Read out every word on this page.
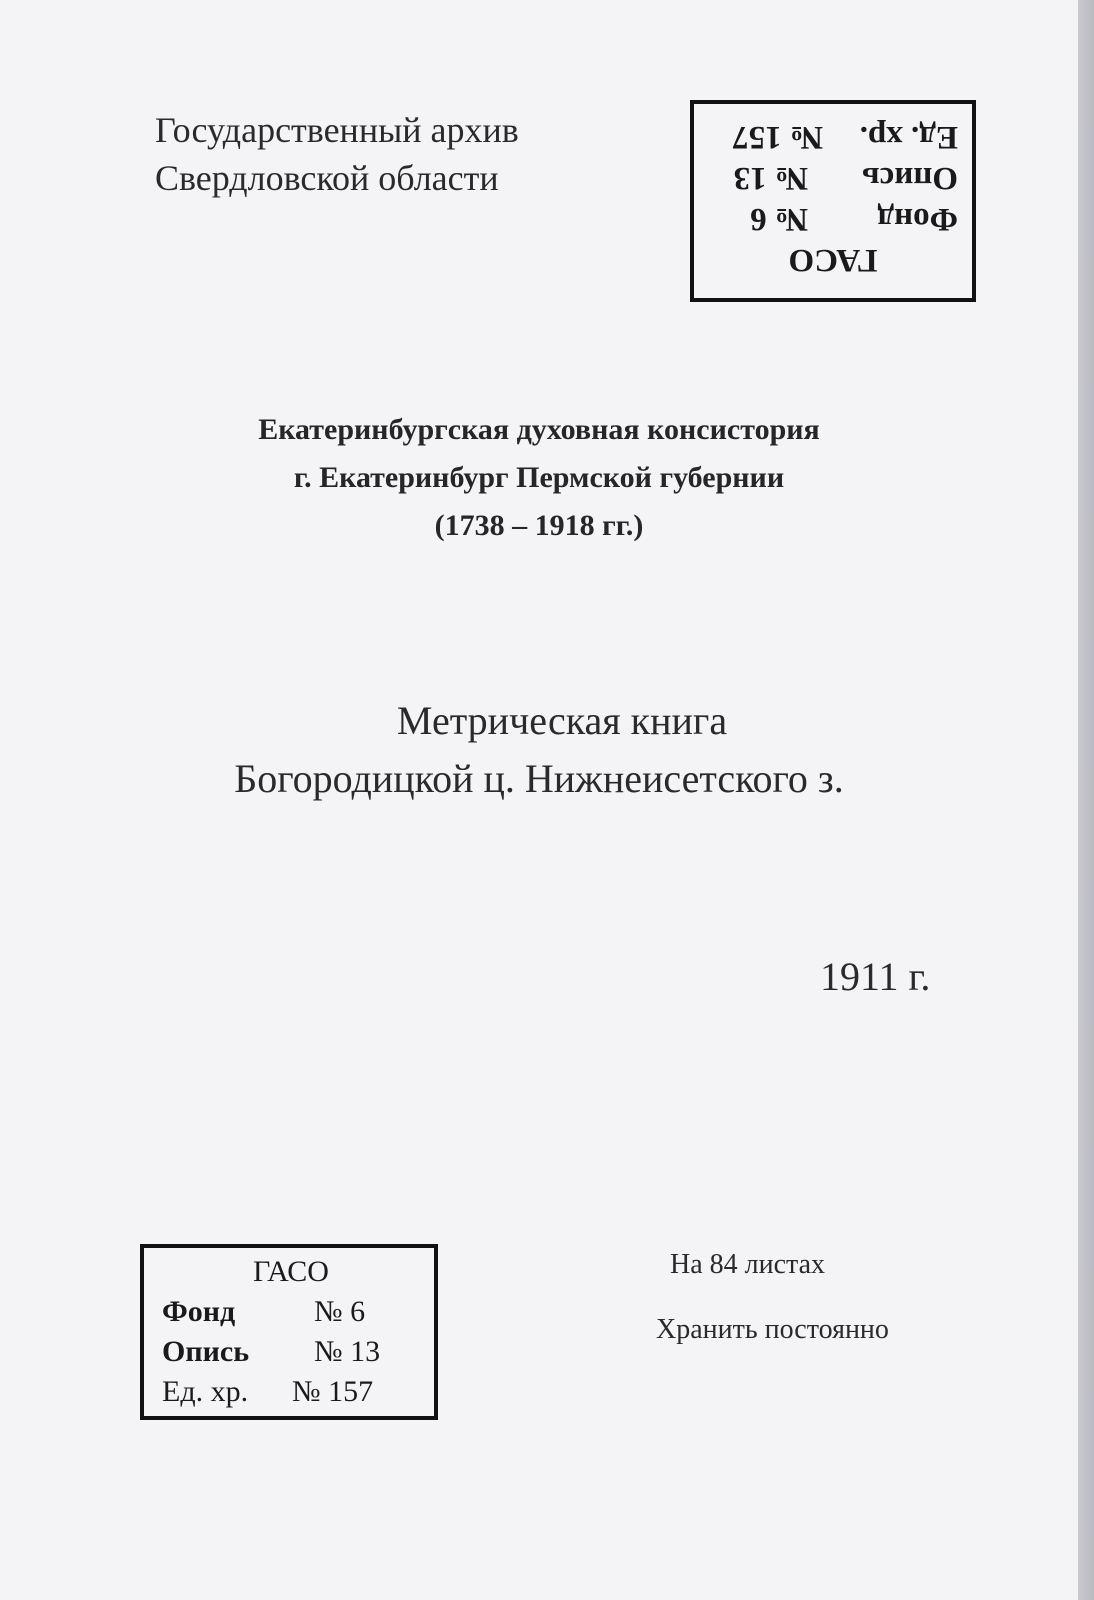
Государственный архив
Свердловской области
ГАСО
Фонд
№ 6
Опись
№ 13
Ед. хр.
№ 157
Екатеринбургская духовная консистория
г. Екатеринбург Пермской губернии
(1738 – 1918 гг.)
Метрическая книга
Богородицкой ц. Нижнеисетского з.
1911 г.
ГАСО
Фонд	№ 6
Опись № 13
Ед. хр. № 157
На 84 листах
Хранить постоянно
